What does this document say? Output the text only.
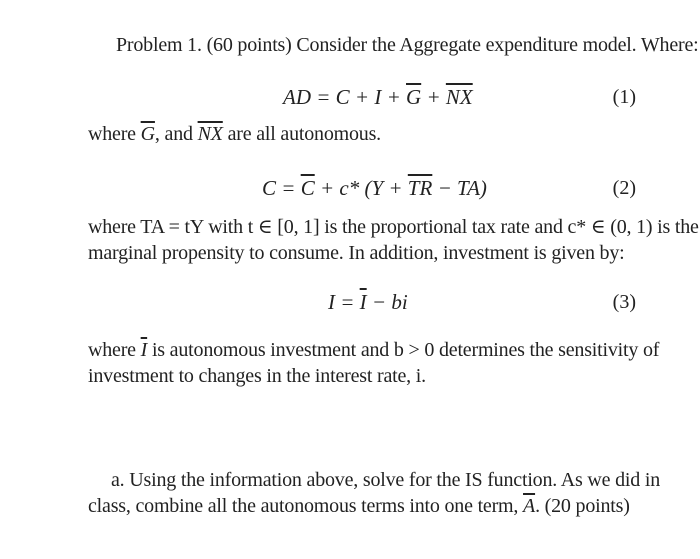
Problem 1. (60 points) Consider the Aggregate expenditure model. Where:
AD = $C + I + \overline{G} + \overline{NX}$	(1)
where $\overline{G}$, and $\overline{NX}$ are all autonomous.
$C = \overline{C} + c*$ $(Y + \overline{TR} - TA)$	(2)
where TA = tY with t ∈ [0, 1] is the proportional tax rate and c* ∈ (0, 1) is the
marginal propensity to consume. In addition, investment is given by:
$I = \overline{I}$ − bi	(3)
where $\overline{I}$ is autonomous investment and b > 0 determines the sensitivity of
investment to changes in the interest rate, i.
a. Using the information above, solve for the IS function. As we did in
class, combine all the autonomous terms into one term, $\overline{A}$. (20 points)
